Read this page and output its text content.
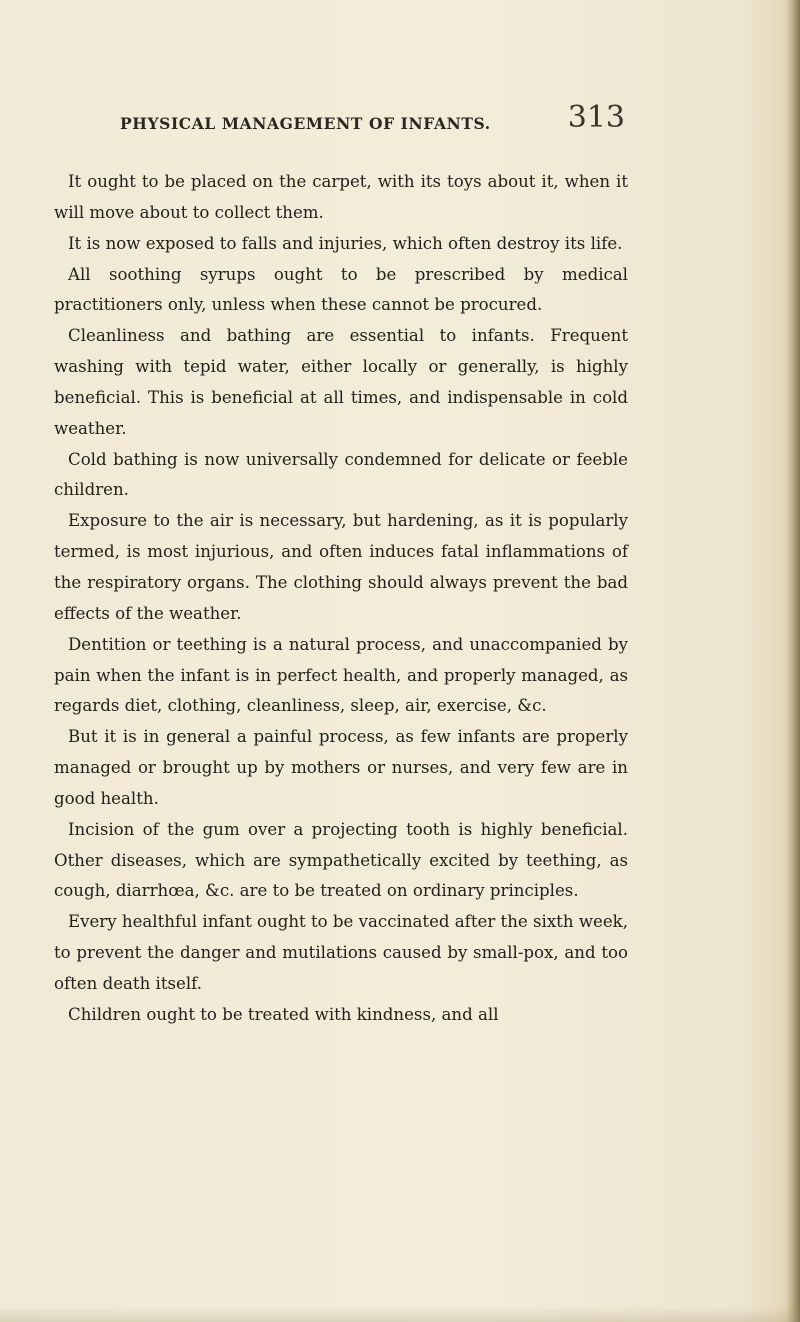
PHYSICAL MANAGEMENT OF INFANTS.	313

It ought to be placed on the carpet, with its toys about it, when it will move about to collect them.

It is now exposed to falls and injuries, which often destroy its life.

All soothing syrups ought to be prescribed by medical practitioners only, unless when these cannot be procured.

Cleanliness and bathing are essential to infants. Frequent washing with tepid water, either locally or generally, is highly beneficial. This is beneficial at all times, and indispensable in cold weather.

Cold bathing is now universally condemned for delicate or feeble children.

Exposure to the air is necessary, but hardening, as it is popularly termed, is most injurious, and often induces fatal inflammations of the respiratory organs. The clothing should always prevent the bad effects of the weather.

Dentition or teething is a natural process, and unaccompanied by pain when the infant is in perfect health, and properly managed, as regards diet, clothing, cleanliness, sleep, air, exercise, &c.

But it is in general a painful process, as few infants are properly managed or brought up by mothers or nurses, and very few are in good health.

Incision of the gum over a projecting tooth is highly beneficial. Other diseases, which are sympathetically excited by teething, as cough, diarrhœa, &c. are to be treated on ordinary principles.

Every healthful infant ought to be vaccinated after the sixth week, to prevent the danger and mutilations caused by small-pox, and too often death itself.

Children ought to be treated with kindness, and all
